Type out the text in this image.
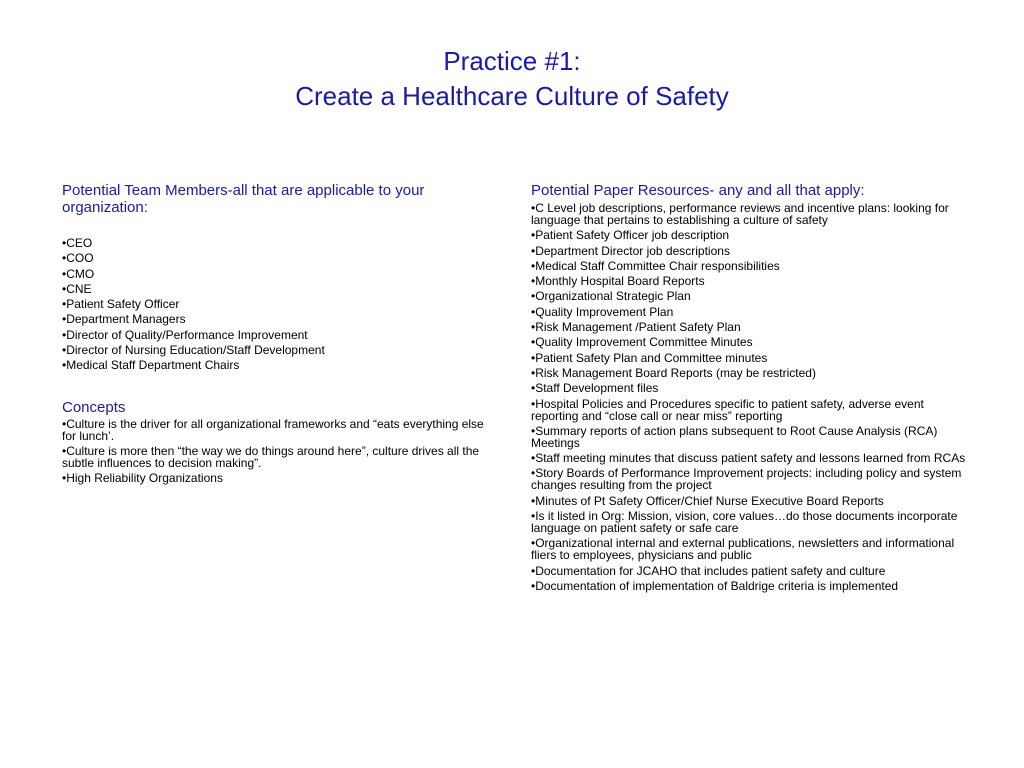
Practice #1:
Create a Healthcare Culture of Safety
Potential Team Members-all that are applicable to your organization:
•CEO
•COO
•CMO
•CNE
•Patient Safety Officer
•Department Managers
•Director of Quality/Performance Improvement
•Director of Nursing Education/Staff Development
•Medical Staff Department Chairs
Concepts
•Culture is the driver for all organizational frameworks and “eats everything else for lunch’.
•Culture is more then “the way we do things around here”, culture drives all the subtle influences to decision making”.
•High Reliability Organizations
Potential Paper Resources- any and all that apply:
•C Level job descriptions, performance reviews and incentive plans: looking for language that pertains to establishing a culture of safety
•Patient Safety Officer job description
•Department Director job descriptions
•Medical Staff Committee Chair responsibilities
•Monthly Hospital Board Reports
•Organizational Strategic Plan
•Quality Improvement Plan
•Risk Management /Patient Safety Plan
•Quality Improvement Committee Minutes
•Patient Safety Plan and Committee minutes
•Risk Management Board Reports (may be restricted)
•Staff Development files
•Hospital Policies and Procedures specific to patient safety, adverse event reporting and “close call or near miss” reporting
•Summary reports of action plans subsequent to Root Cause Analysis (RCA) Meetings
•Staff meeting minutes that discuss patient safety and lessons learned from RCAs
•Story Boards of Performance Improvement projects: including policy and system changes resulting from the project
•Minutes of Pt Safety Officer/Chief Nurse Executive Board Reports
•Is it listed in Org: Mission, vision, core values…do those documents incorporate language on patient safety or safe care
•Organizational internal and external publications, newsletters and informational fliers to employees, physicians and public
•Documentation for JCAHO that includes patient safety and culture
•Documentation of implementation of Baldrige criteria is implemented
